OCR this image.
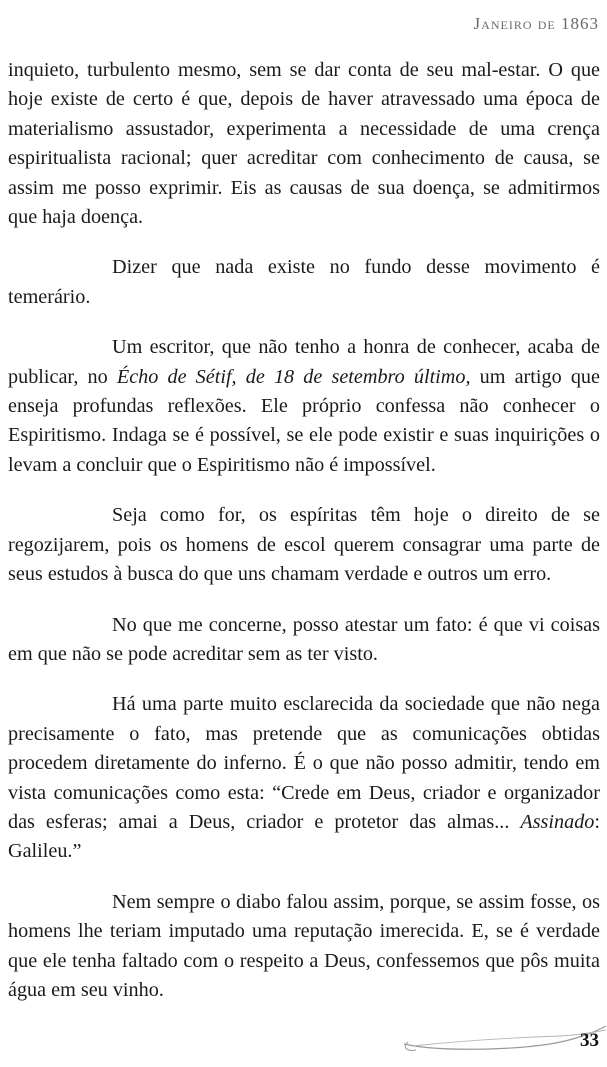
Janeiro de 1863

inquieto, turbulento mesmo, sem se dar conta de seu mal-estar. O que hoje existe de certo é que, depois de haver atravessado uma época de materialismo assustador, experimenta a necessidade de uma crença espiritualista racional; quer acreditar com conhecimento de causa, se assim me posso exprimir. Eis as causas de sua doença, se admitirmos que haja doença.

Dizer que nada existe no fundo desse movimento é temerário.

Um escritor, que não tenho a honra de conhecer, acaba de publicar, no Écho de Sétif, de 18 de setembro último, um artigo que enseja profundas reflexões. Ele próprio confessa não conhecer o Espiritismo. Indaga se é possível, se ele pode existir e suas inquirições o levam a concluir que o Espiritismo não é impossível.

Seja como for, os espíritas têm hoje o direito de se regozijarem, pois os homens de escol querem consagrar uma parte de seus estudos à busca do que uns chamam verdade e outros um erro.

No que me concerne, posso atestar um fato: é que vi coisas em que não se pode acreditar sem as ter visto.

Há uma parte muito esclarecida da sociedade que não nega precisamente o fato, mas pretende que as comunicações obtidas procedem diretamente do inferno. É o que não posso admitir, tendo em vista comunicações como esta: “Crede em Deus, criador e organizador das esferas; amai a Deus, criador e protetor das almas... Assinado: Galileu.”

Nem sempre o diabo falou assim, porque, se assim fosse, os homens lhe teriam imputado uma reputação imerecida. E, se é verdade que ele tenha faltado com o respeito a Deus, confessemos que pôs muita água em seu vinho.

33
